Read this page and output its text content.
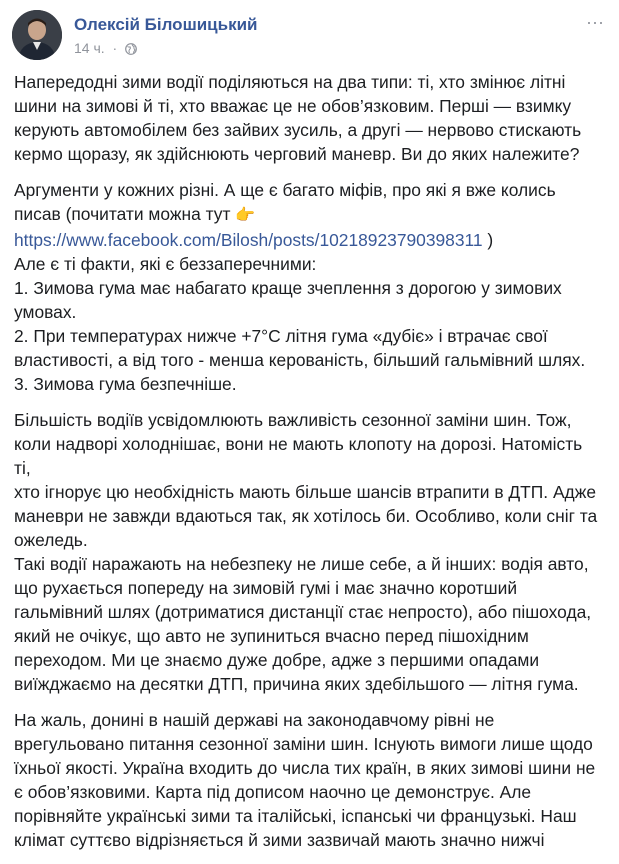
Олексій Білошицький
14 ч. ·
···
Напередодні зими водії поділяються на два типи: ті, хто змінює літні
шини на зимові й ті, хто вважає це не обов’язковим. Перші — взимку
керують автомобілем без зайвих зусиль, а другі — нервово стискають
кермо щоразу, як здійснюють черговий маневр. Ви до яких належите?
Аргументи у кожних різні. А ще є багато міфів, про які я вже колись
писав (почитати можна тут 👉
https://www.facebook.com/Bilosh/posts/10218923790398311 )
Але є ті факти, які є беззаперечними:
1. Зимова гума має набагато краще зчеплення з дорогою у зимових
умовах.
2. При температурах нижче +7°С літня гума «дубіє» і втрачає свої
властивості, а від того - менша керованість, більший гальмівний шлях.
3. Зимова гума безпечніше.
Більшість водіїв усвідомлюють важливість сезонної заміни шин. Тож,
коли надворі холоднішає, вони не мають клопоту на дорозі. Натомість ті,
хто ігнорує цю необхідність мають більше шансів втрапити в ДТП. Адже
маневри не завжди вдаються так, як хотілось би. Особливо, коли сніг та
ожеледь.
Такі водії наражають на небезпеку не лише себе, а й інших: водія авто,
що рухається попереду на зимовій гумі і має значно коротший
гальмівний шлях (дотриматися дистанції стає непросто), або пішохода,
який не очікує, що авто не зупиниться вчасно перед пішохідним
переходом. Ми це знаємо дуже добре, адже з першими опадами
виїжджаємо на десятки ДТП, причина яких здебільшого — літня гума.
На жаль, донині в нашій державі на законодавчому рівні не
врегульовано питання сезонної заміни шин. Існують вимоги лише щодо
їхньої якості. Україна входить до числа тих країн, в яких зимові шини не
є обов’язковими. Карта під дописом наочно це демонструє. Але
порівняйте українські зими та італійські, іспанські чи французькі. Наш
клімат суттєво відрізняється й зими зазвичай мають значно нижчі
